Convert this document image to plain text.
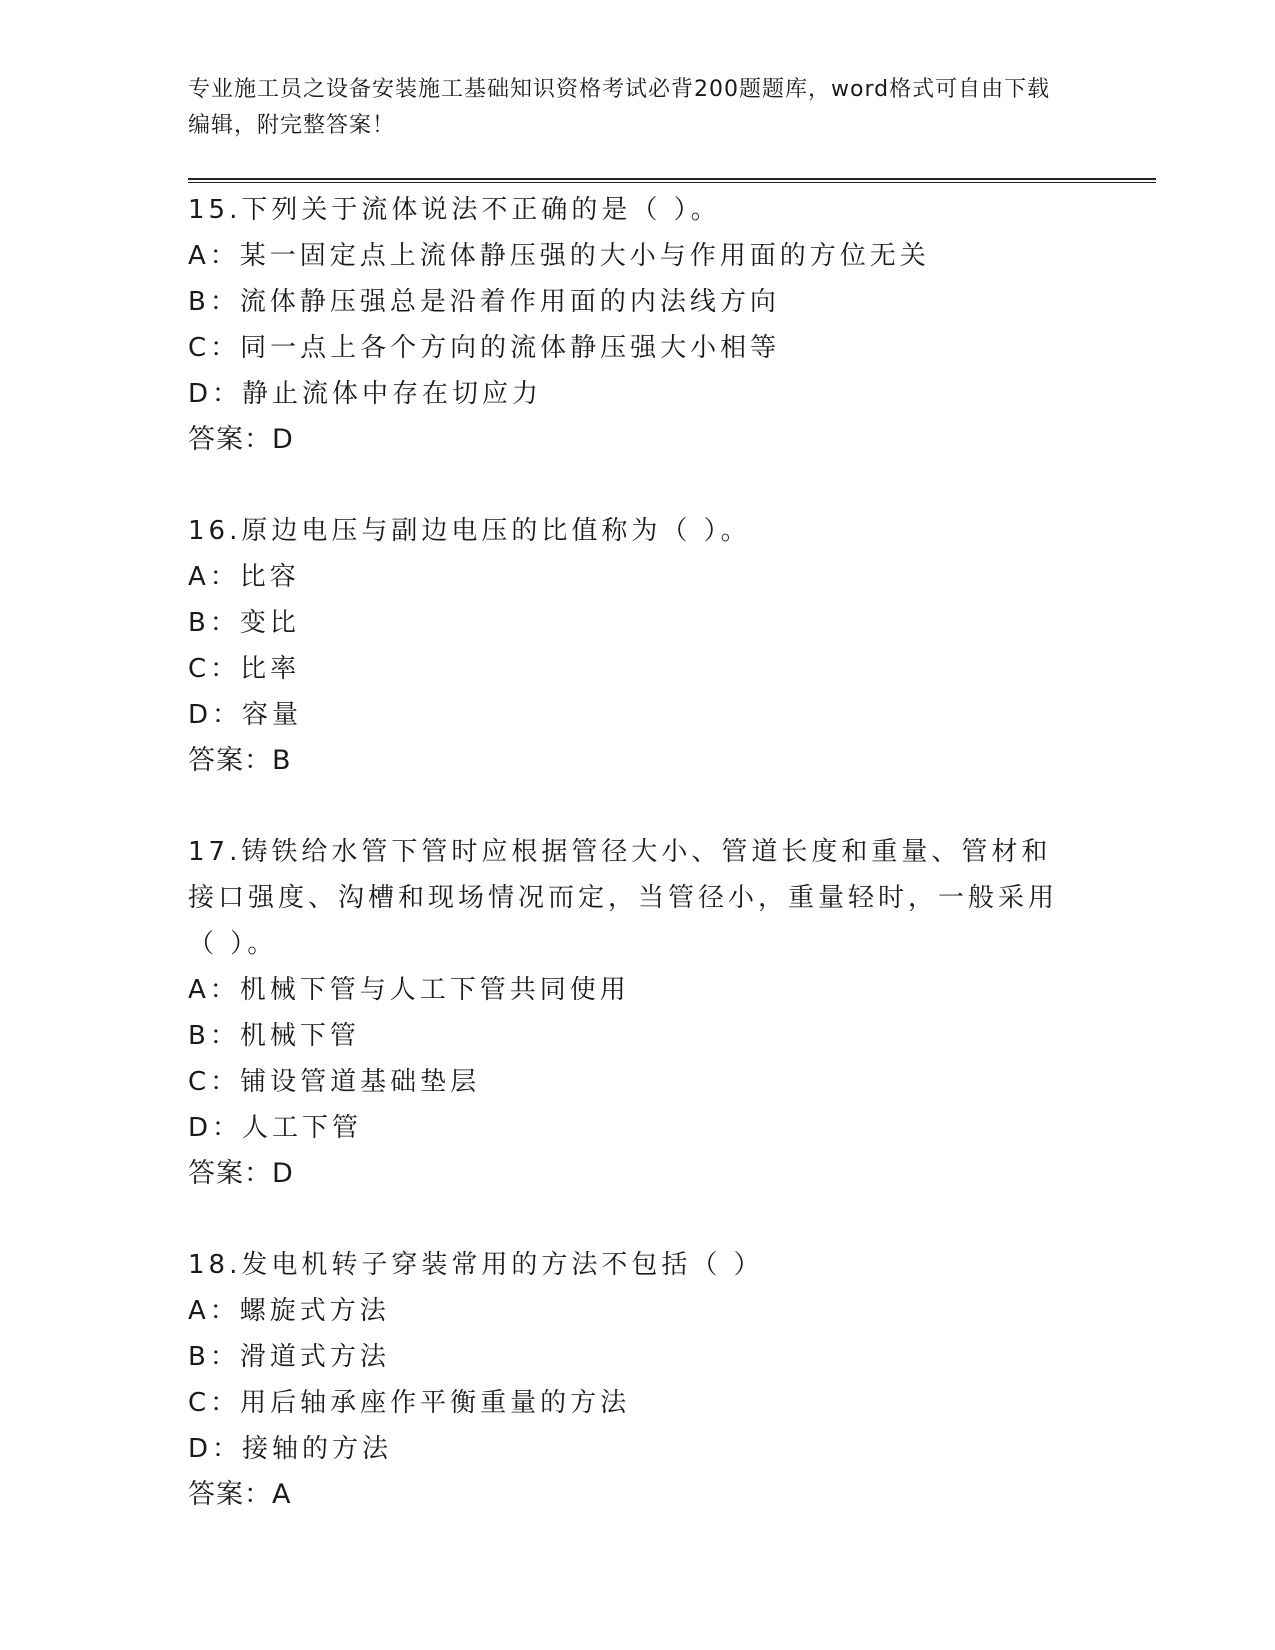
专业施工员之设备安装施工基础知识资格考试必背200题题库，word格式可自由下载编辑，附完整答案！
15.下列关于流体说法不正确的是（ ）。
A：某一固定点上流体静压强的大小与作用面的方位无关
B：流体静压强总是沿着作用面的内法线方向
C：同一点上各个方向的流体静压强大小相等
D：静止流体中存在切应力
答案：D
16.原边电压与副边电压的比值称为（ ）。
A：比容
B：变比
C：比率
D：容量
答案：B
17.铸铁给水管下管时应根据管径大小、管道长度和重量、管材和接口强度、沟槽和现场情况而定，当管径小，重量轻时，一般采用（ ）。
A：机械下管与人工下管共同使用
B：机械下管
C：铺设管道基础垫层
D：人工下管
答案：D
18.发电机转子穿装常用的方法不包括（ ）
A：螺旋式方法
B：滑道式方法
C：用后轴承座作平衡重量的方法
D：接轴的方法
答案：A
